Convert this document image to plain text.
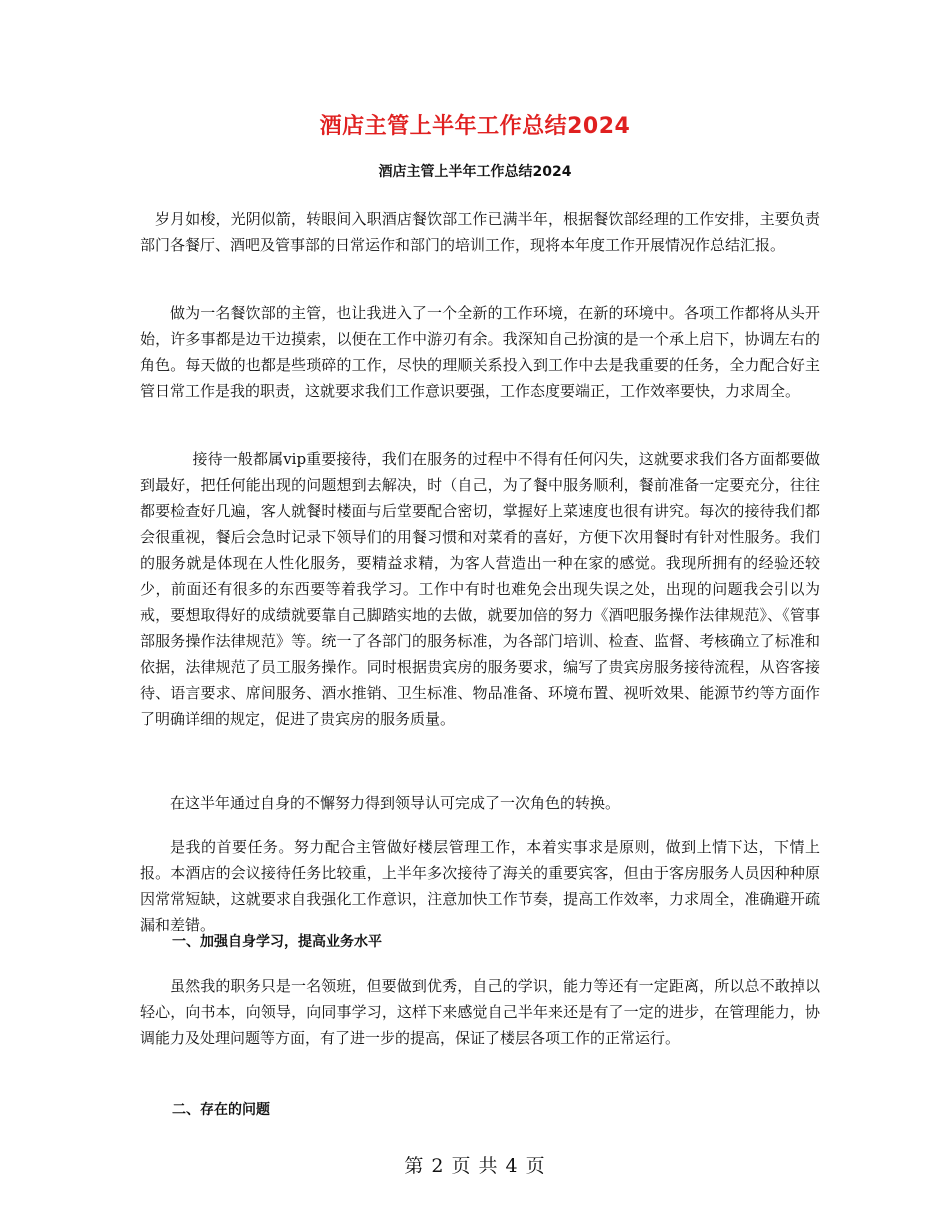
酒店主管上半年工作总结2024
酒店主管上半年工作总结2024

岁月如梭，光阴似箭，转眼间入职酒店餐饮部工作已满半年，根据餐饮部经理的工作安排，主要负责部门各餐厅、酒吧及管事部的日常运作和部门的培训工作，现将本年度工作开展情况作总结汇报。

做为一名餐饮部的主管，也让我进入了一个全新的工作环境，在新的环境中。各项工作都将从头开始，许多事都是边干边摸索，以便在工作中游刃有余。我深知自己扮演的是一个承上启下，协调左右的角色。每天做的也都是些琐碎的工作，尽快的理顺关系投入到工作中去是我重要的任务，全力配合好主管日常工作是我的职责，这就要求我们工作意识要强，工作态度要端正，工作效率要快，力求周全。

接待一般都属vip重要接待，我们在服务的过程中不得有任何闪失，这就要求我们各方面都要做到最好，把任何能出现的问题想到去解决，时（自己，为了餐中服务顺利，餐前准备一定要充分，往往都要检查好几遍，客人就餐时楼面与后堂要配合密切，掌握好上菜速度也很有讲究。每次的接待我们都会很重视，餐后会急时记录下领导们的用餐习惯和对菜肴的喜好，方便下次用餐时有针对性服务。我们的服务就是体现在人性化服务，要精益求精，为客人营造出一种在家的感觉。我现所拥有的经验还较少，前面还有很多的东西要等着我学习。工作中有时也难免会出现失误之处，出现的问题我会引以为戒，要想取得好的成绩就要靠自己脚踏实地的去做，就要加倍的努力《酒吧服务操作法律规范》、《管事部服务操作法律规范》等。统一了各部门的服务标准，为各部门培训、检查、监督、考核确立了标准和依据，法律规范了员工服务操作。同时根据贵宾房的服务要求，编写了贵宾房服务接待流程，从咨客接待、语言要求、席间服务、酒水推销、卫生标准、物品准备、环境布置、视听效果、能源节约等方面作了明确详细的规定，促进了贵宾房的服务质量。

在这半年通过自身的不懈努力得到领导认可完成了一次角色的转换。

是我的首要任务。努力配合主管做好楼层管理工作，本着实事求是原则，做到上情下达，下情上报。本酒店的会议接待任务比较重，上半年多次接待了海关的重要宾客，但由于客房服务人员因种种原因常常短缺，这就要求自我强化工作意识，注意加快工作节奏，提高工作效率，力求周全，准确避开疏漏和差错。

一、加强自身学习，提高业务水平

虽然我的职务只是一名领班，但要做到优秀，自己的学识，能力等还有一定距离，所以总不敢掉以轻心，向书本，向领导，向同事学习，这样下来感觉自己半年来还是有了一定的进步，在管理能力，协调能力及处理问题等方面，有了进一步的提高，保证了楼层各项工作的正常运行。

二、存在的问题
第 2 页 共 4 页
